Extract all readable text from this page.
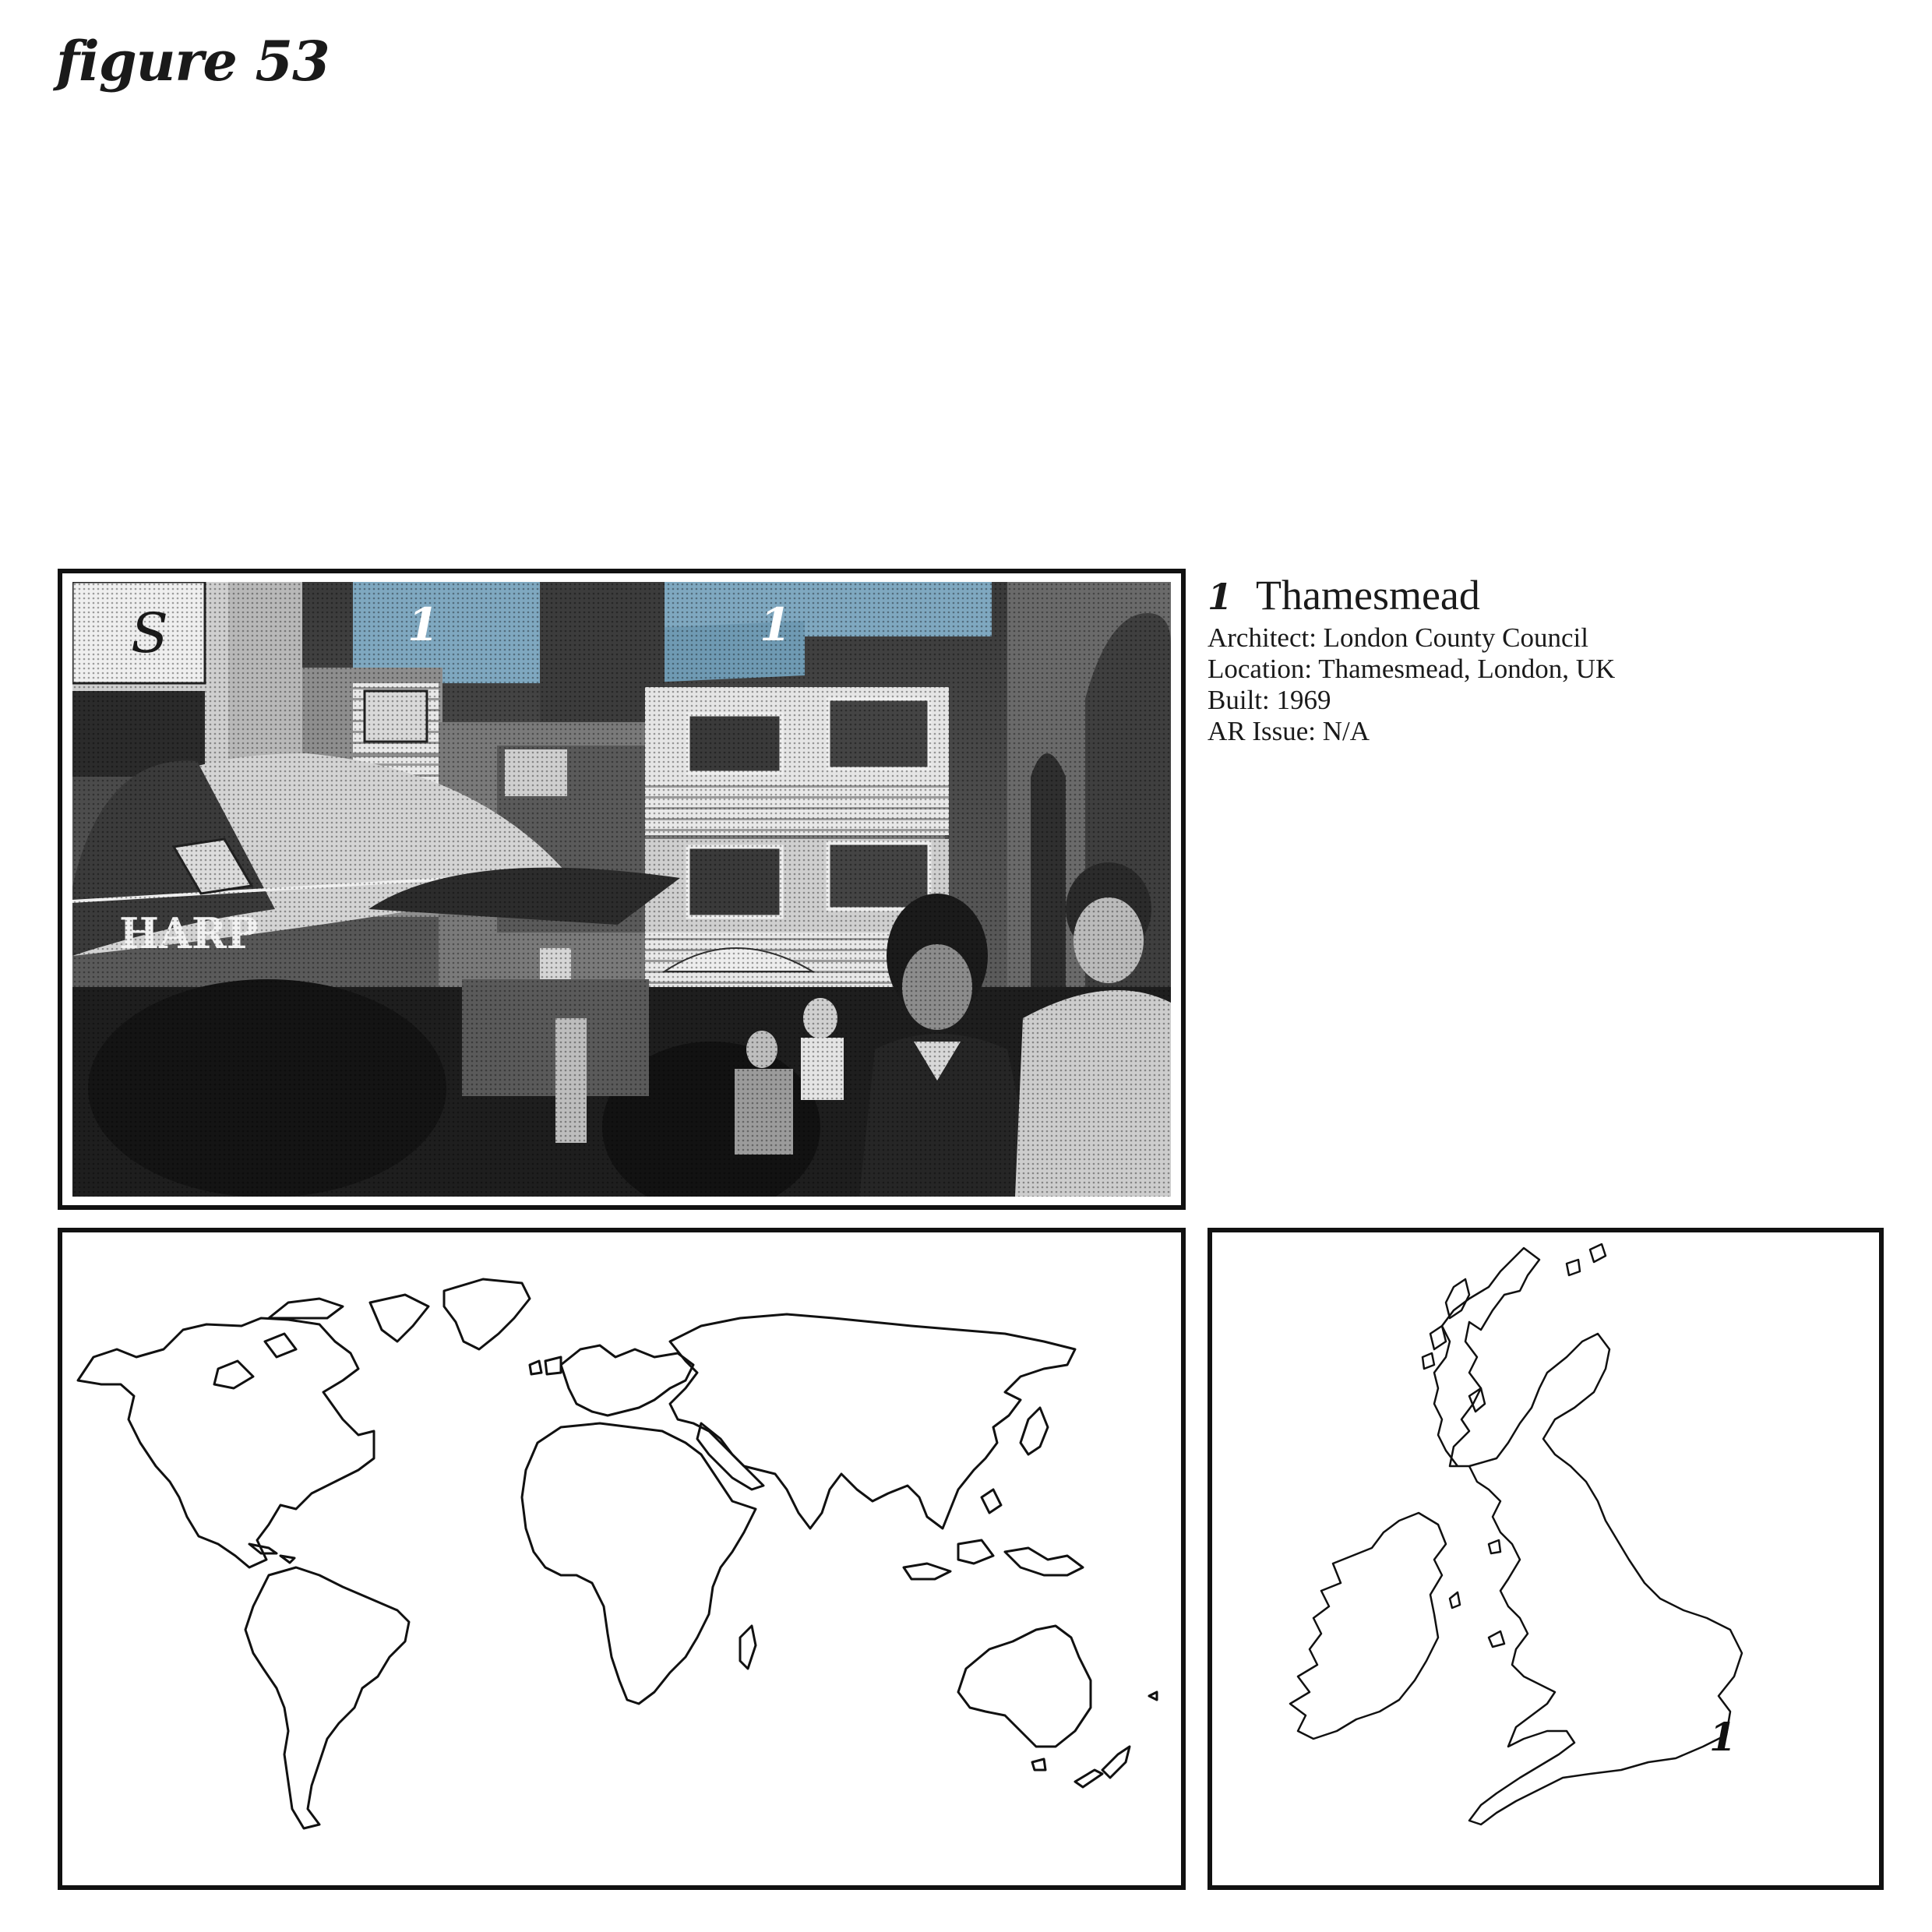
figure 53
1	1
1 Thamesmead

Architect: London County Council

Location: Thamesmead, London, UK

Built: 1969

AR Issue: N/A

1
